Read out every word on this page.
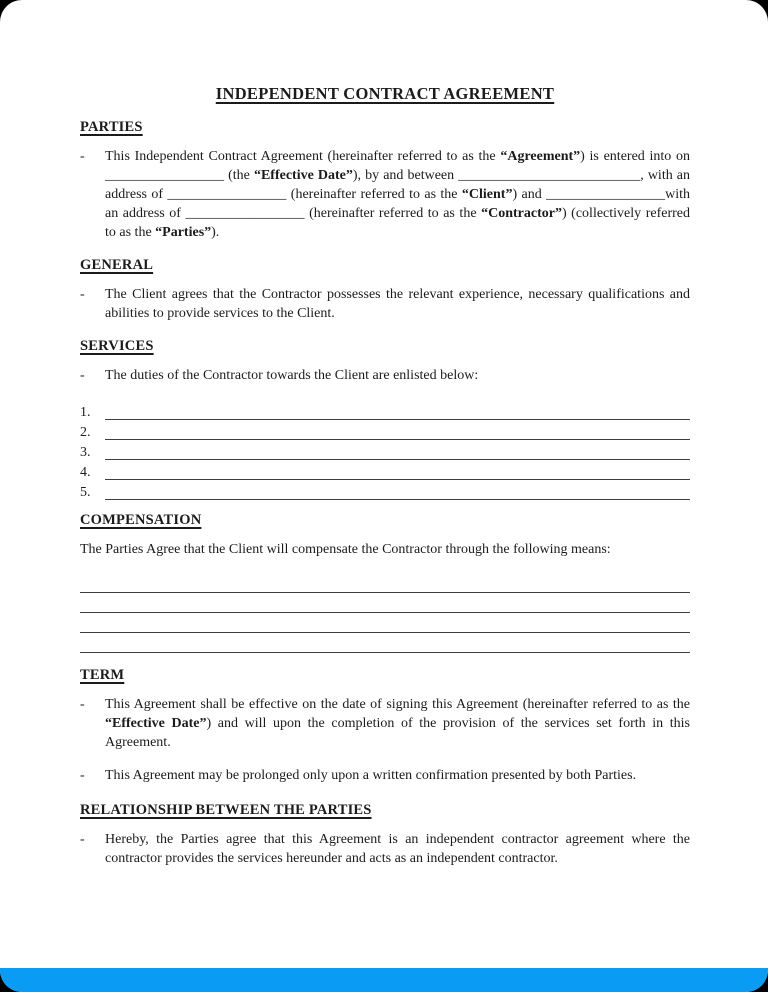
INDEPENDENT CONTRACT AGREEMENT
PARTIES
-	This Independent Contract Agreement (hereinafter referred to as the “Agreement”) is entered into on _________________ (the “Effective Date”), by and between __________________________, with an address of _________________ (hereinafter referred to as the “Client”) and _________________with an address of _________________ (hereinafter referred to as the “Contractor”) (collectively referred to as the “Parties”).
GENERAL
-	The Client agrees that the Contractor possesses the relevant experience, necessary qualifications and abilities to provide services to the Client.
SERVICES
-	The duties of the Contractor towards the Client are enlisted below:
1.
2.
3.
4.
5.
COMPENSATION
The Parties Agree that the Client will compensate the Contractor through the following means:
TERM
-	This Agreement shall be effective on the date of signing this Agreement (hereinafter referred to as the “Effective Date”) and will upon the completion of the provision of the services set forth in this Agreement.
-	This Agreement may be prolonged only upon a written confirmation presented by both Parties.
RELATIONSHIP BETWEEN THE PARTIES
-	Hereby, the Parties agree that this Agreement is an independent contractor agreement where the contractor provides the services hereunder and acts as an independent contractor.
